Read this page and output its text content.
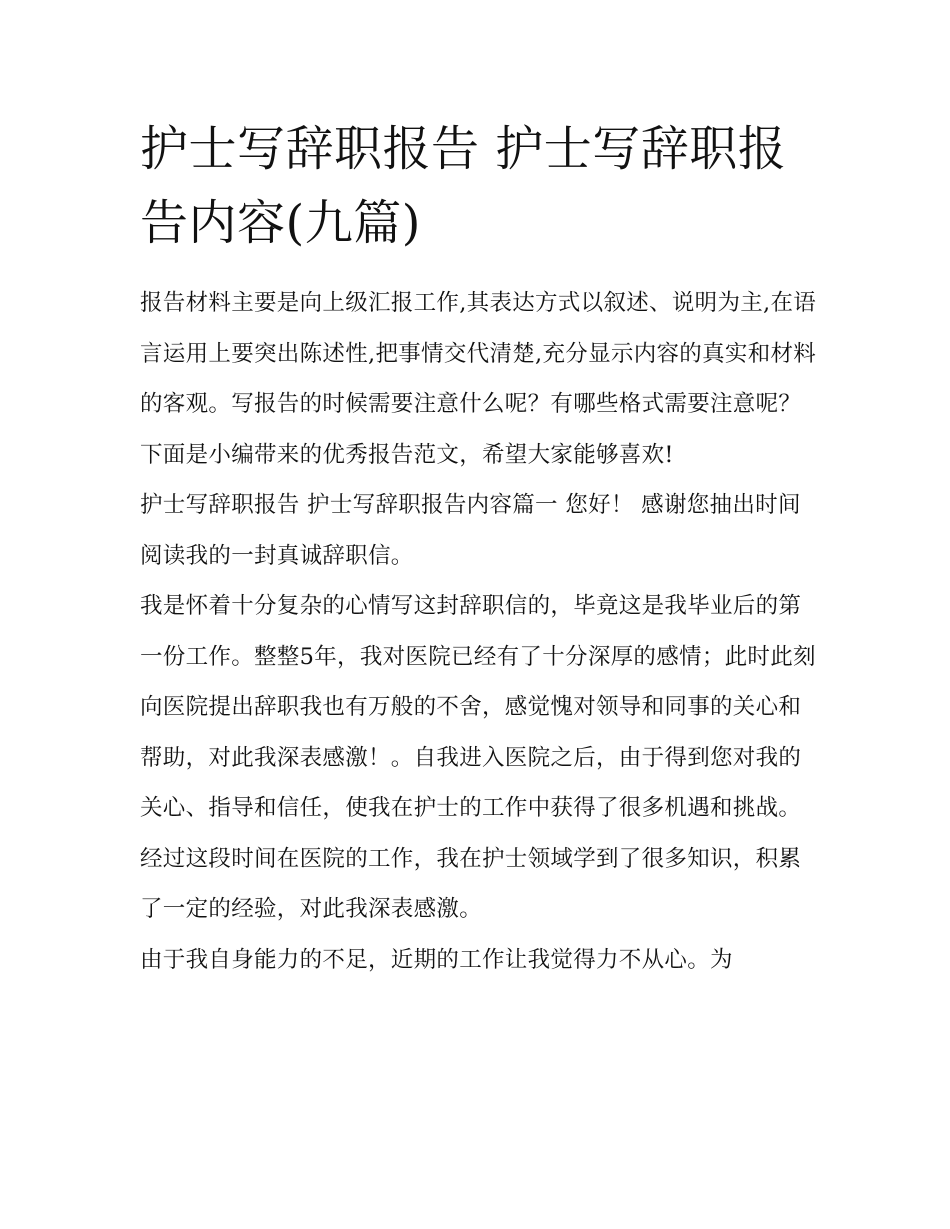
护士写辞职报告 护士写辞职报告内容(九篇)

报告材料主要是向上级汇报工作,其表达方式以叙述、说明为主,在语言运用上要突出陈述性,把事情交代清楚,充分显示内容的真实和材料的客观。写报告的时候需要注意什么呢？有哪些格式需要注意呢？下面是小编带来的优秀报告范文，希望大家能够喜欢!

护士写辞职报告 护士写辞职报告内容篇一 您好！ 感谢您抽出时间阅读我的一封真诚辞职信。

我是怀着十分复杂的心情写这封辞职信的，毕竟这是我毕业后的第一份工作。整整5年，我对医院已经有了十分深厚的感情；此时此刻向医院提出辞职我也有万般的不舍，感觉愧对领导和同事的关心和帮助，对此我深表感激！。自我进入医院之后，由于得到您对我的关心、指导和信任，使我在护士的工作中获得了很多机遇和挑战。经过这段时间在医院的工作，我在护士领域学到了很多知识，积累了一定的经验，对此我深表感激。

由于我自身能力的不足，近期的工作让我觉得力不从心。为
